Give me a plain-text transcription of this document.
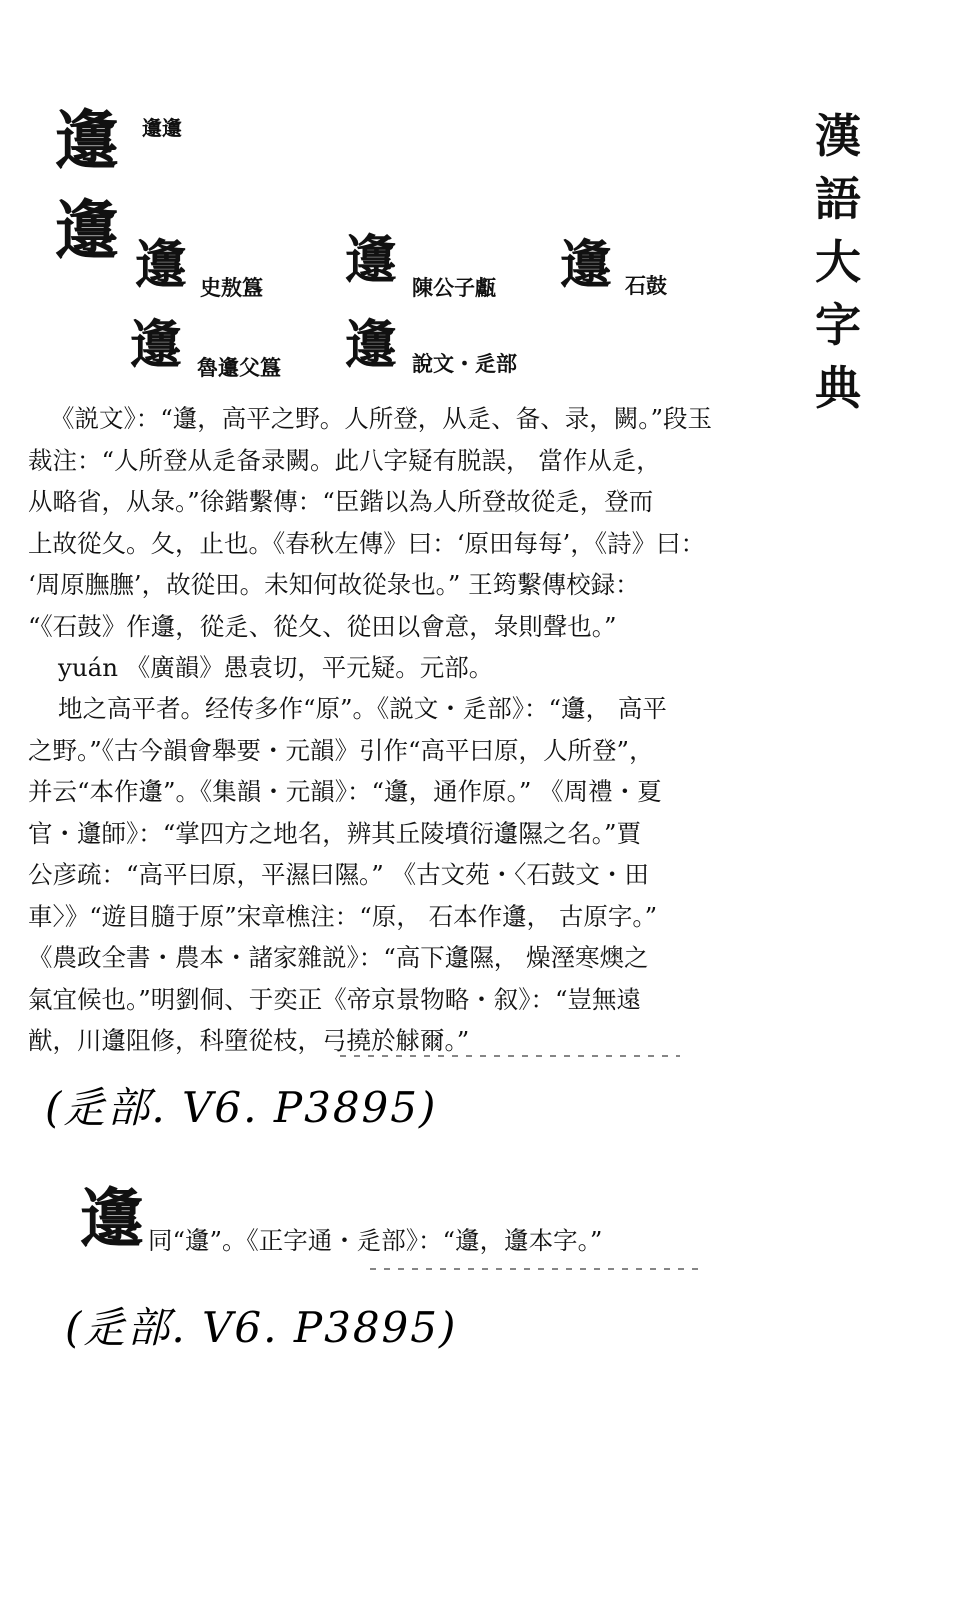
漢
語
大
字
典
邍
邍
邍邍
邍 史敖簋 邍 陳公子甗 邍 石鼓
邍 魯邍父簋 邍 說文・辵部
《説文》：“邍，高平之野。人所登，从辵、备、录，闕。”段玉
裁注：“人所登从辵备录闕。此八字疑有脱誤， 當作从辵，
从略省，从彔。”徐鍇繫傳：“臣鍇以為人所登故從辵，登而
上故從夂。夂，止也。《春秋左傳》曰：‘原田每每’，《詩》曰：
‘周原膴膴’，故從田。未知何故從彔也。” 王筠繫傳校録：
“《石鼓》作邍，從辵、從夂、從田以會意，彔則聲也。”
yuán 《廣韻》愚袁切，平元疑。元部。
地之高平者。经传多作“原”。《説文・辵部》：“邍， 高平
之野。”《古今韻會舉要・元韻》引作“高平曰原，人所登”，
并云“本作邍”。《集韻・元韻》：“邍，通作原。” 《周禮・夏
官・邍師》：“掌四方之地名，辨其丘陵墳衍邍隰之名。”賈
公彦疏：“高平曰原，平濕曰隰。” 《古文苑・〈石鼓文・田
車〉》“遊目膸于原”宋章樵注：“原， 石本作邍， 古原字。”
《農政全書・農本・諸家雜説》：“高下邍隰， 燥溼寒燠之
氣宜候也。”明劉侗、于奕正《帝京景物略・叙》：“豈無遠
猷，川邍阻修，科墮從枝，弓撓於觩爾。”
(辵部. V6. P3895)
邍 同“邍”。《正字通・辵部》：“邍，邍本字。”
(辵部. V6. P3895)
